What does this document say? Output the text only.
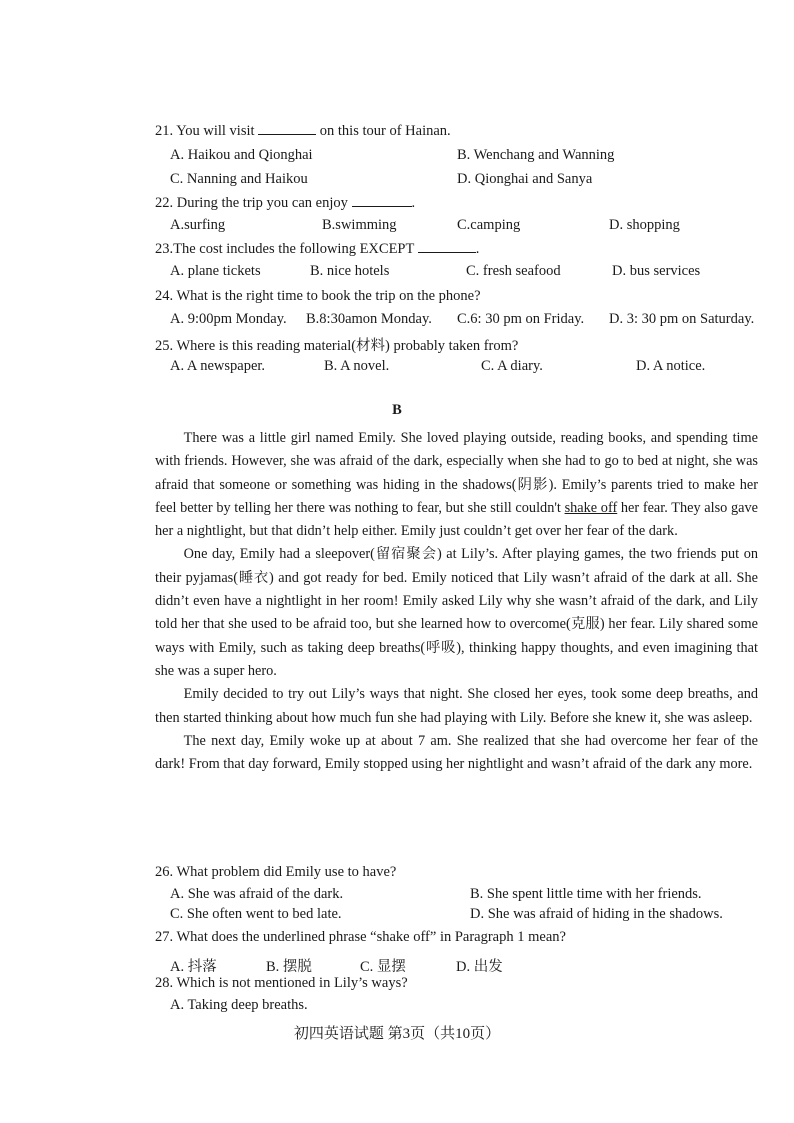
21. You will visit	on this tour of Hainan.
A. Haikou and Qionghai	B. Wenchang and Wanning
C. Nanning and Haikou	D. Qionghai and Sanya
22. During the trip you can enjoy	.
A.surfing	B.swimming	C.camping	D. shopping
23.The cost includes the following EXCEPT	.
A. plane tickets	B. nice hotels	C. fresh seafood	D. bus services
24. What is the right time to book the trip on the phone?
A. 9:00pm Monday. B.8:30amon Monday. C.6: 30 pm on Friday. D. 3: 30 pm on Saturday.
25. Where is this reading material(材料) probably taken from?
A. A newspaper.	B. A novel.	C. A diary.	D. A notice.
B

There was a little girl named Emily. She loved playing outside, reading books, and spending time with friends. However, she was afraid of the dark, especially when she had to go to bed at night, she was afraid that someone or something was hiding in the shadows(阴影). Emily’s parents tried to make her feel better by telling her there was nothing to fear, but she still couldn't shake off her fear. They also gave her a nightlight, but that didn’t help either. Emily just couldn’t get over her fear of the dark.

One day, Emily had a sleepover(留宿聚会) at Lily’s. After playing games, the two friends put on their pyjamas(睡衣) and got ready for bed. Emily noticed that Lily wasn’t afraid of the dark at all. She didn’t even have a nightlight in her room! Emily asked Lily why she wasn’t afraid of the dark, and Lily told her that she used to be afraid too, but she learned how to overcome(克服) her fear. Lily shared some ways with Emily, such as taking deep breaths(呼吸), thinking happy thoughts, and even imagining that she was a super hero.

Emily decided to try out Lily’s ways that night. She closed her eyes, took some deep breaths, and then started thinking about how much fun she had playing with Lily. Before she knew it, she was asleep.

The next day, Emily woke up at about 7 am. She realized that she had overcome her fear of the dark! From that day forward, Emily stopped using her nightlight and wasn’t afraid of the dark any more.

26. What problem did Emily use to have?
A. She was afraid of the dark.	B. She spent little time with her friends.
C. She often went to bed late.	D. She was afraid of hiding in the shadows.
27. What does the underlined phrase “shake off” in Paragraph 1 mean?
A. 抖落	B. 摆脱	C. 显摆	D. 出发
28. Which is not mentioned in Lily’s ways?
A. Taking deep breaths.
初四英语试题 第3页（共10页）
